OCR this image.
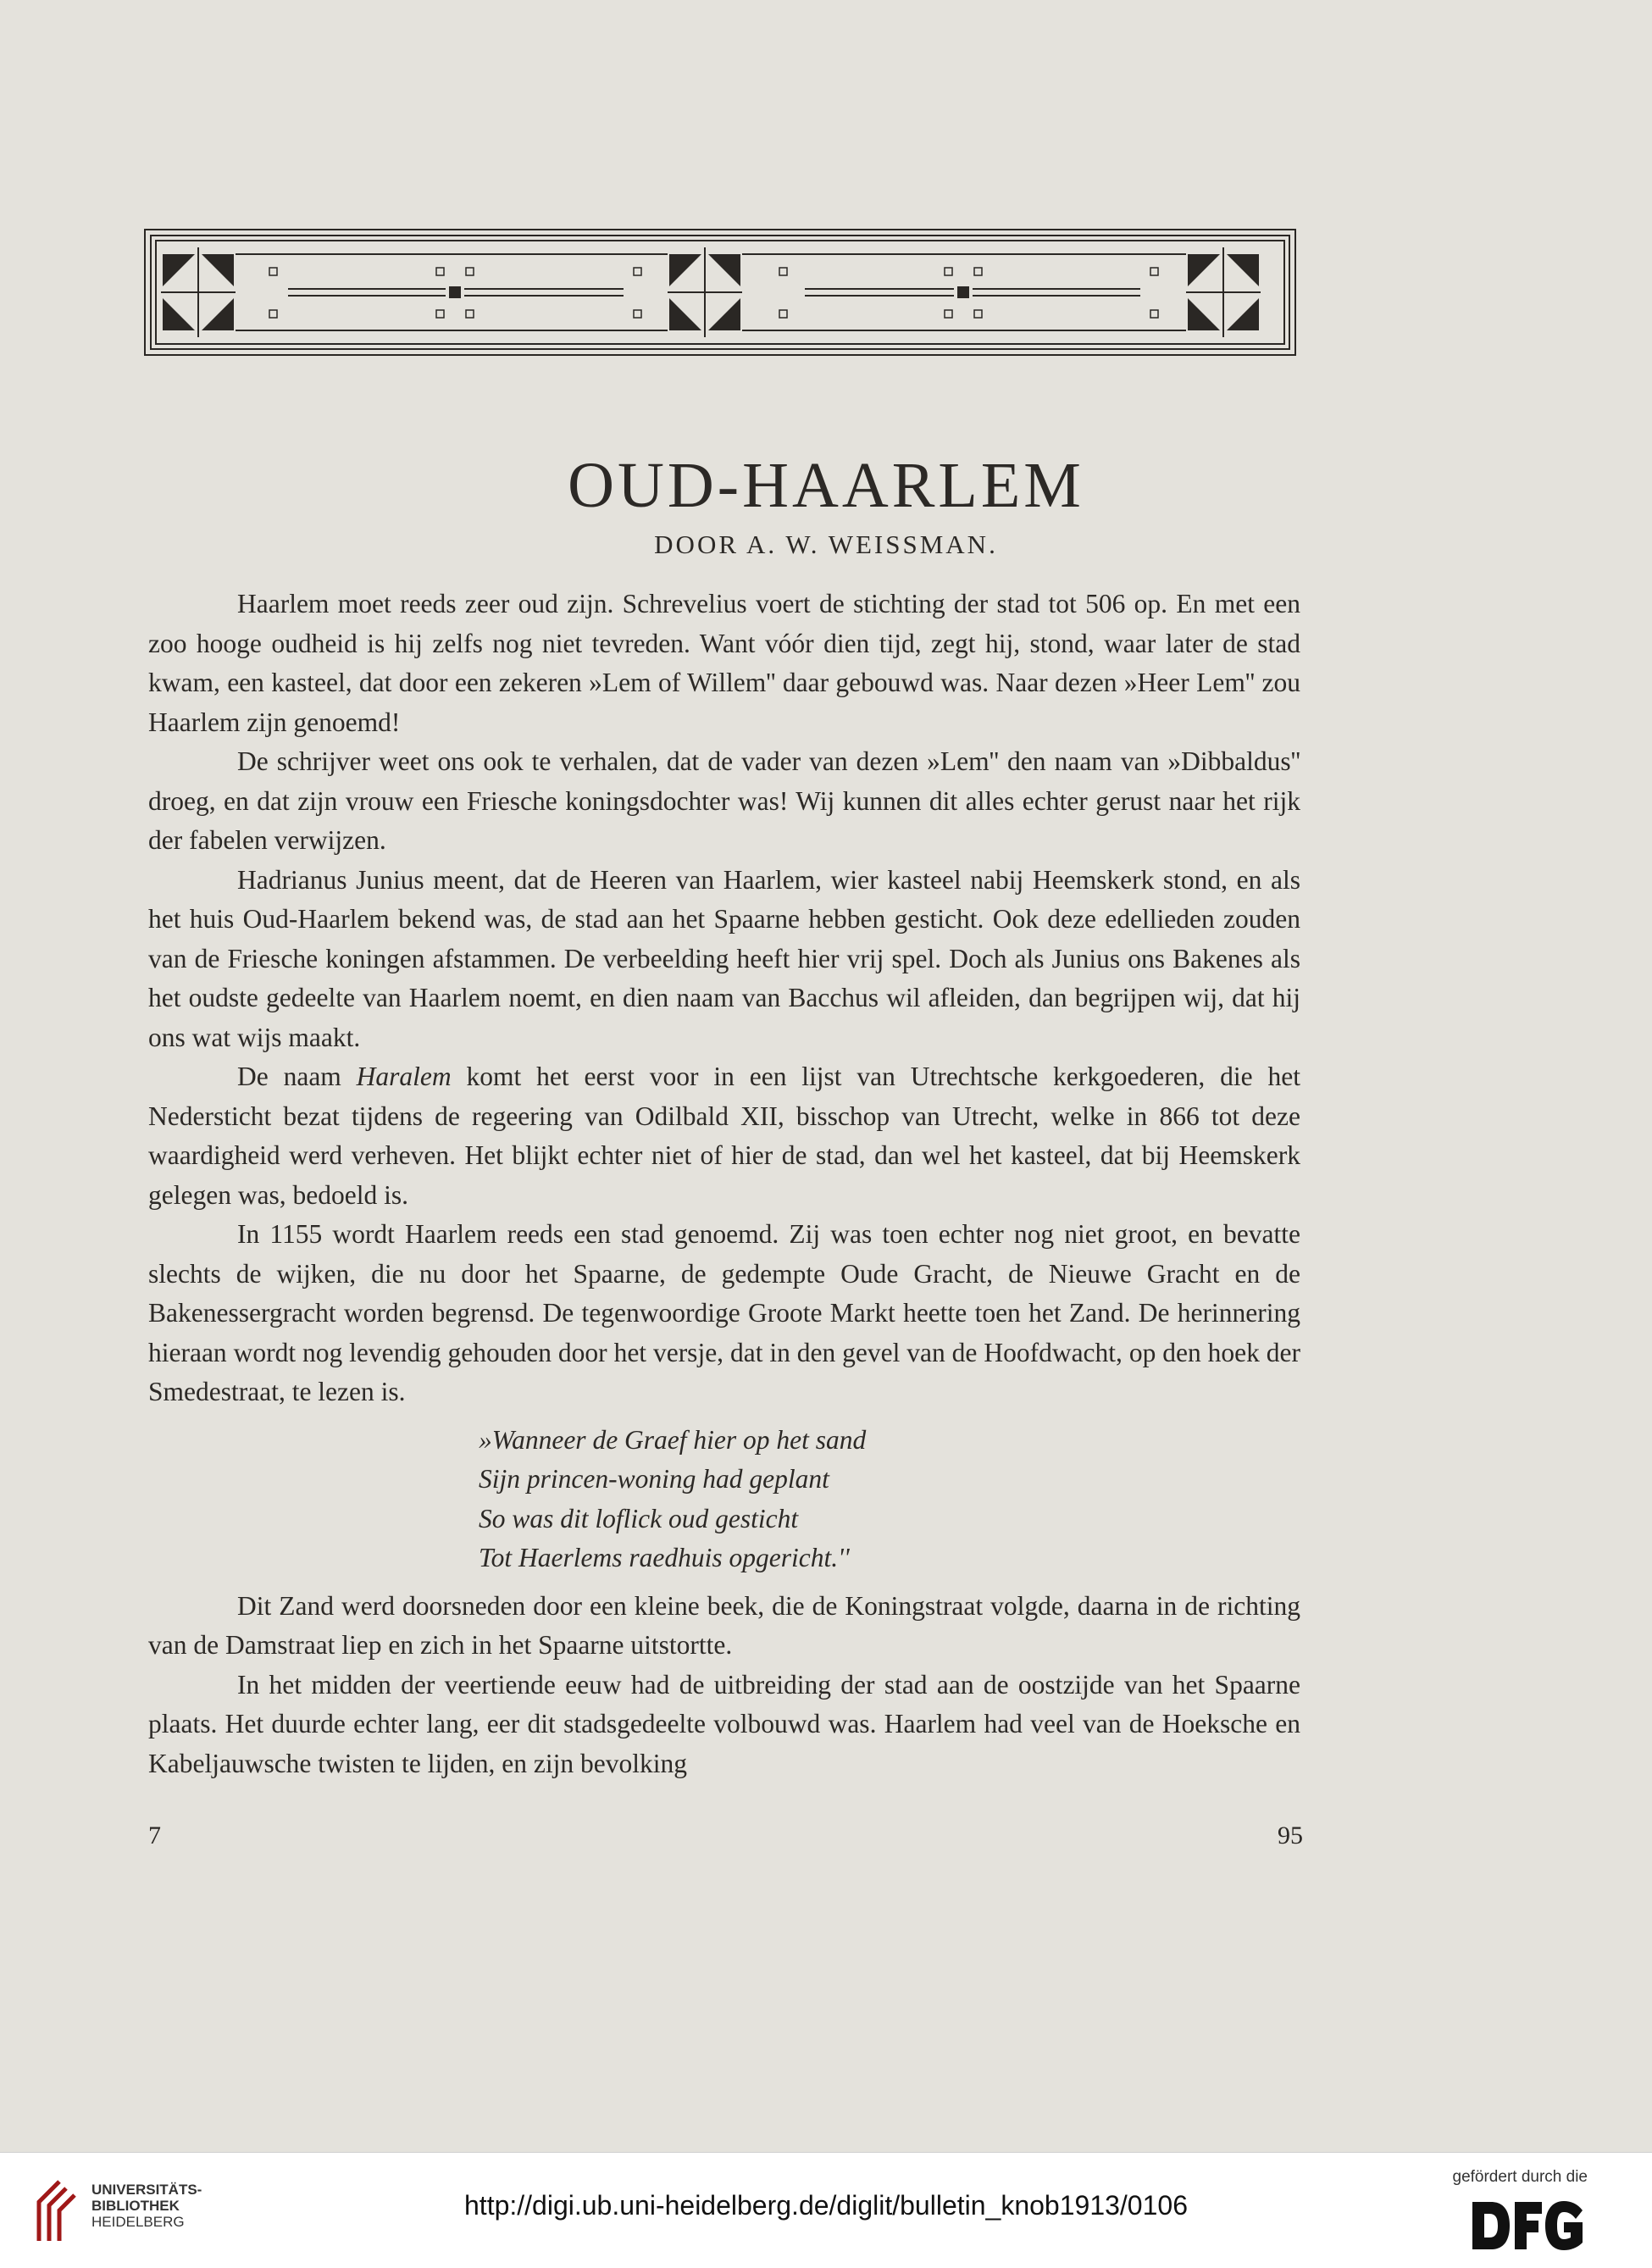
OUD-HAARLEM
DOOR A. W. WEISSMAN.

Haarlem moet reeds zeer oud zijn. Schrevelius voert de stichting der stad tot 506 op. En met een zoo hooge oudheid is hij zelfs nog niet tevreden. Want vóór dien tijd, zegt hij, stond, waar later de stad kwam, een kasteel, dat door een zekeren »Lem of Willem'' daar gebouwd was. Naar dezen »Heer Lem'' zou Haarlem zijn genoemd!

De schrijver weet ons ook te verhalen, dat de vader van dezen »Lem'' den naam van »Dibbaldus'' droeg, en dat zijn vrouw een Friesche koningsdochter was! Wij kunnen dit alles echter gerust naar het rijk der fabelen verwijzen.

Hadrianus Junius meent, dat de Heeren van Haarlem, wier kasteel nabij Heemskerk stond, en als het huis Oud-Haarlem bekend was, de stad aan het Spaarne hebben gesticht. Ook deze edellieden zouden van de Friesche koningen afstammen. De verbeelding heeft hier vrij spel. Doch als Junius ons Bakenes als het oudste gedeelte van Haarlem noemt, en dien naam van Bacchus wil afleiden, dan begrijpen wij, dat hij ons wat wijs maakt.

De naam Haralem komt het eerst voor in een lijst van Utrechtsche kerkgoederen, die het Nedersticht bezat tijdens de regeering van Odilbald XII, bisschop van Utrecht, welke in 866 tot deze waardigheid werd verheven. Het blijkt echter niet of hier de stad, dan wel het kasteel, dat bij Heemskerk gelegen was, bedoeld is.

In 1155 wordt Haarlem reeds een stad genoemd. Zij was toen echter nog niet groot, en bevatte slechts de wijken, die nu door het Spaarne, de gedempte Oude Gracht, de Nieuwe Gracht en de Bakenessergracht worden begrensd. De tegenwoordige Groote Markt heette toen het Zand. De herinnering hieraan wordt nog levendig gehouden door het versje, dat in den gevel van de Hoofdwacht, op den hoek der Smedestraat, te lezen is.

»Wanneer de Graef hier op het sand
Sijn princen-woning had geplant
So was dit loflick oud gesticht
Tot Haerlems raedhuis opgericht.''

Dit Zand werd doorsneden door een kleine beek, die de Koningstraat volgde, daarna in de richting van de Damstraat liep en zich in het Spaarne uitstortte.

In het midden der veertiende eeuw had de uitbreiding der stad aan de oostzijde van het Spaarne plaats. Het duurde echter lang, eer dit stadsgedeelte volbouwd was. Haarlem had veel van de Hoeksche en Kabeljauwsche twisten te lijden, en zijn bevolking

7	95
UNIVERSITÄTS-
BIBLIOTHEK
HEIDELBERG
http://digi.ub.uni-heidelberg.de/diglit/bulletin_knob1913/0106
gefördert durch die
